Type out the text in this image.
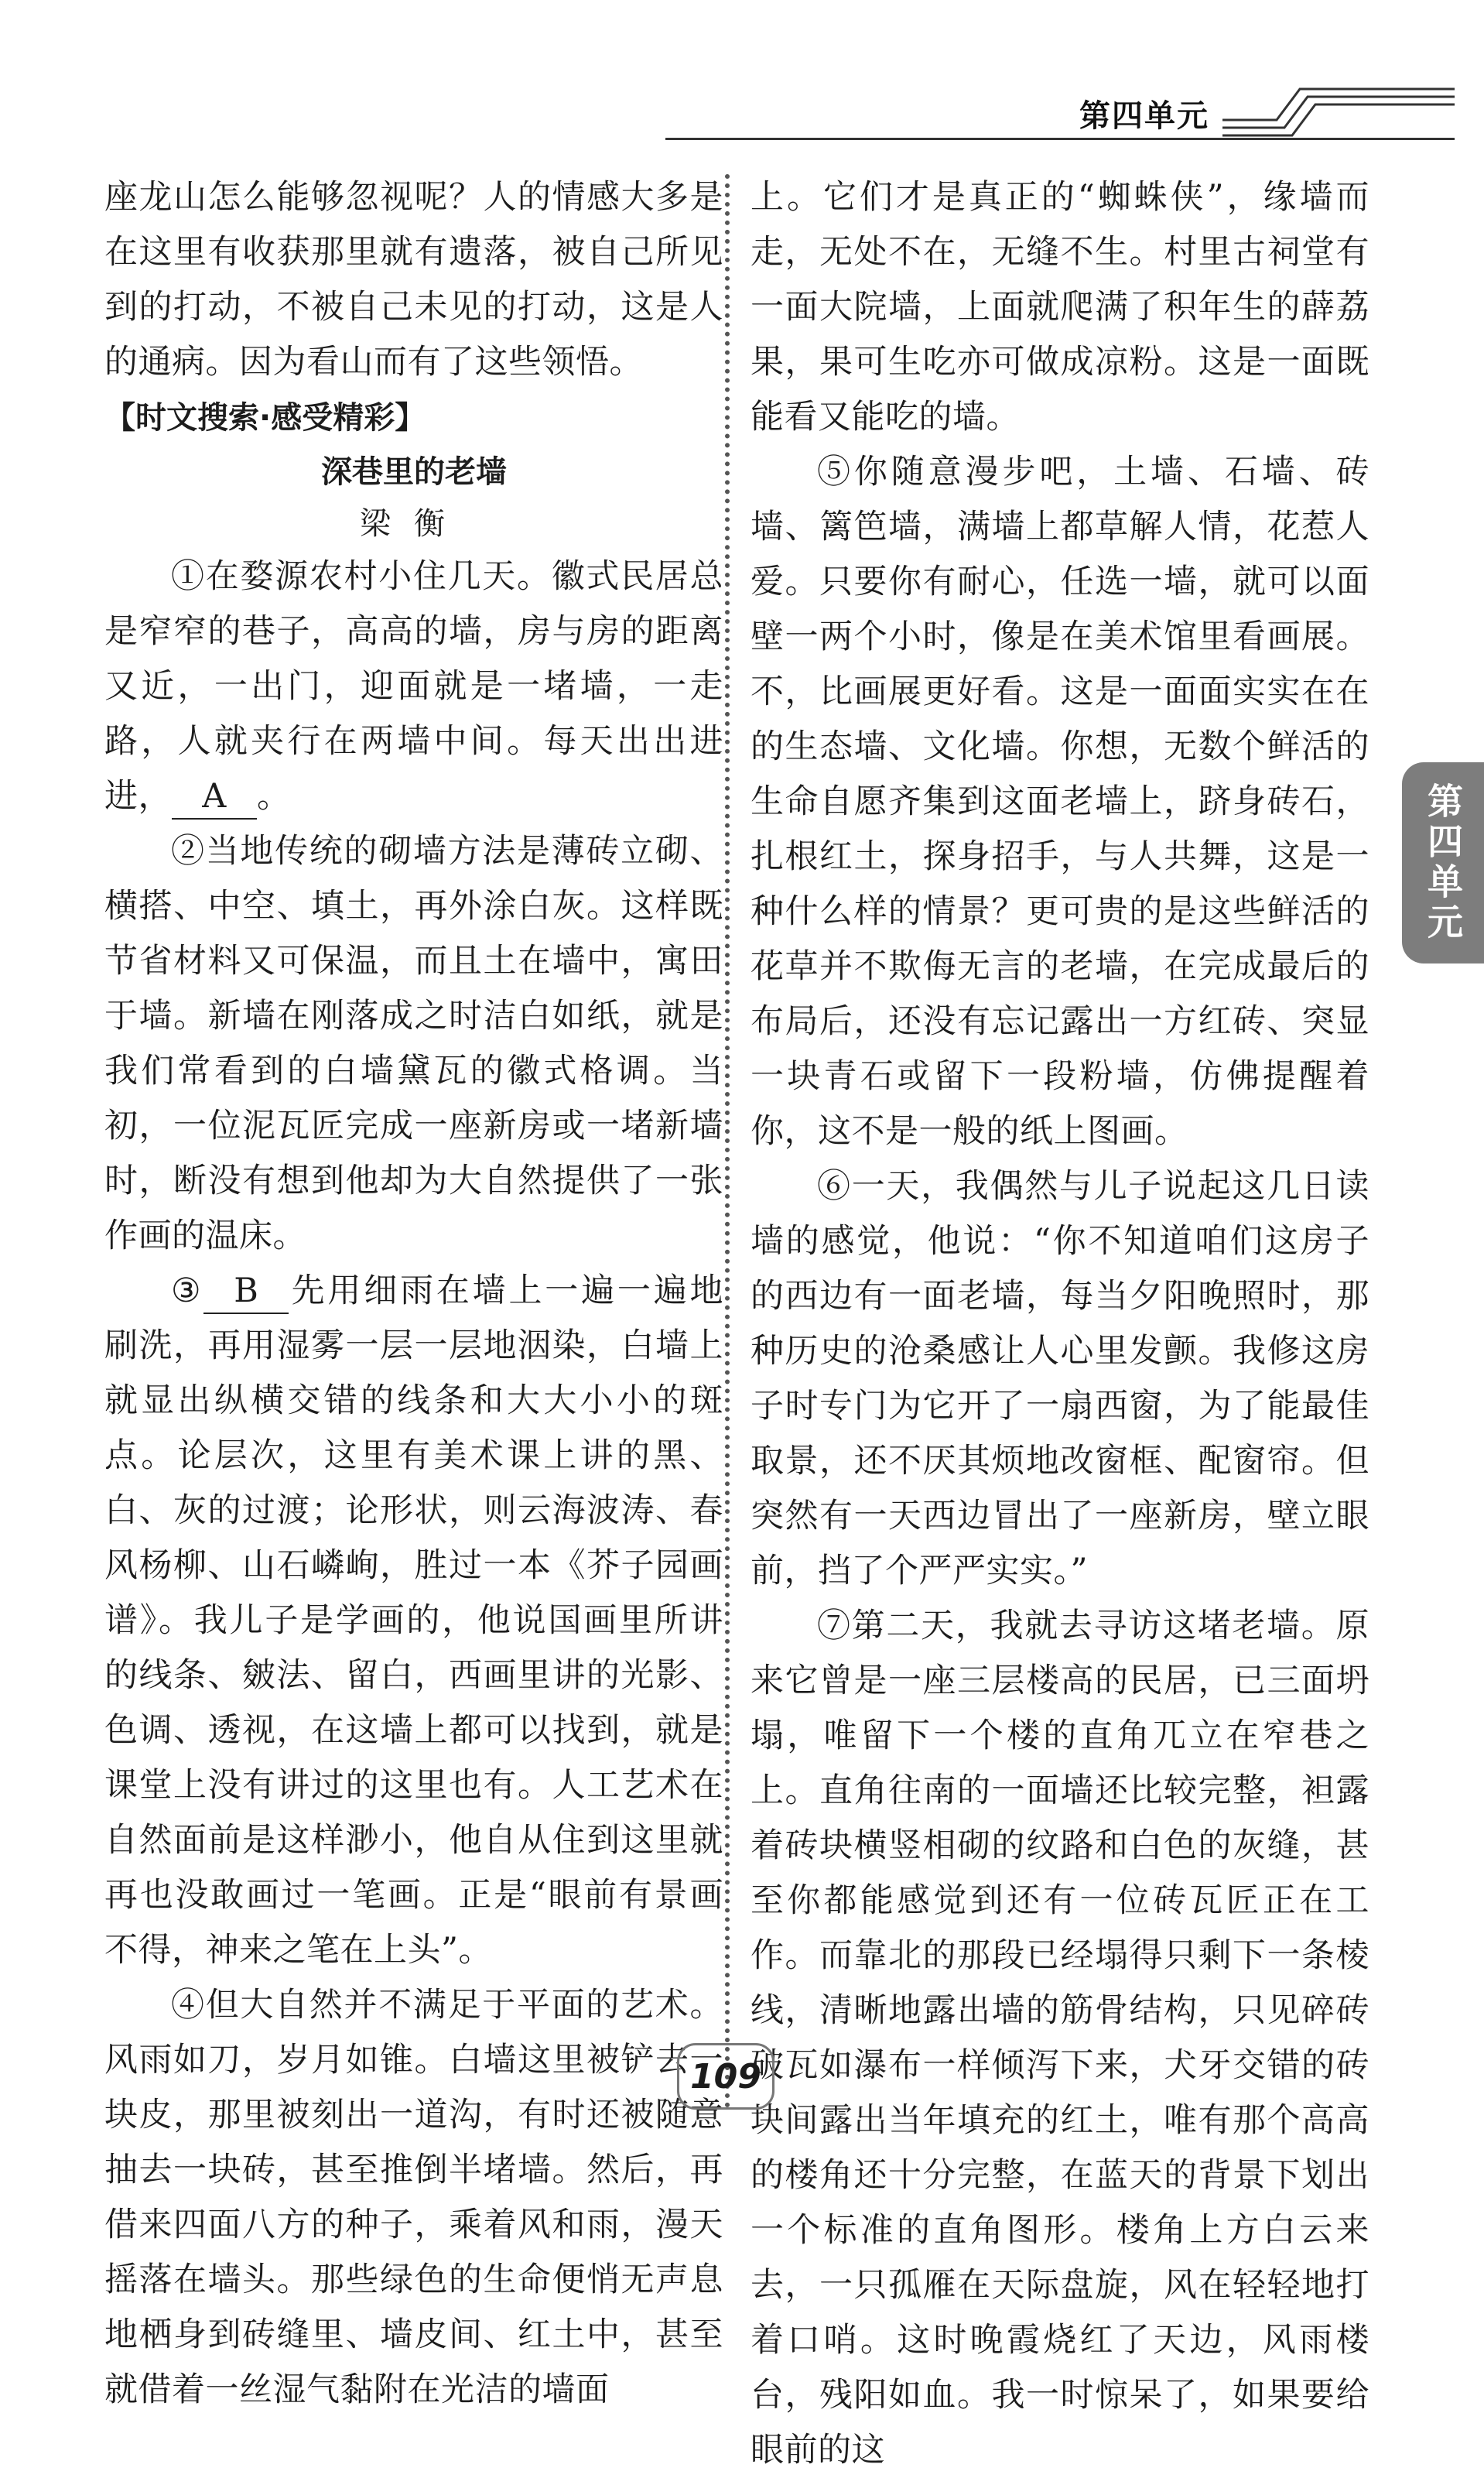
第四单元
第四单元

座龙山怎么能够忽视呢？人的情感大多是在这里有收获那里就有遗落，被自己所见到的打动，不被自己未见的打动，这是人的通病。因为看山而有了这些领悟。

【时文搜索·感受精彩】
深巷里的老墙
梁衡

①在婺源农村小住几天。徽式民居总是窄窄的巷子，高高的墙，房与房的距离又近，一出门，迎面就是一堵墙，一走路，人就夹行在两墙中间。每天出出进进， A 。

②当地传统的砌墙方法是薄砖立砌、横搭、中空、填土，再外涂白灰。这样既节省材料又可保温，而且土在墙中，寓田于墙。新墙在刚落成之时洁白如纸，就是我们常看到的白墙黛瓦的徽式格调。当初，一位泥瓦匠完成一座新房或一堵新墙时，断没有想到他却为大自然提供了一张作画的温床。

③ B 先用细雨在墙上一遍一遍地刷洗，再用湿雾一层一层地洇染，白墙上就显出纵横交错的线条和大大小小的斑点。论层次，这里有美术课上讲的黑、白、灰的过渡；论形状，则云海波涛、春风杨柳、山石嶙峋，胜过一本《芥子园画谱》。我儿子是学画的，他说国画里所讲的线条、皴法、留白，西画里讲的光影、色调、透视，在这墙上都可以找到，就是课堂上没有讲过的这里也有。人工艺术在自然面前是这样渺小，他自从住到这里就再也没敢画过一笔画。正是“眼前有景画不得，神来之笔在上头”。

④但大自然并不满足于平面的艺术。风雨如刀，岁月如锥。白墙这里被铲去一块皮，那里被刻出一道沟，有时还被随意抽去一块砖，甚至推倒半堵墙。然后，再借来四面八方的种子，乘着风和雨，漫天摇落在墙头。那些绿色的生命便悄无声息地栖身到砖缝里、墙皮间、红土中，甚至就借着一丝湿气黏附在光洁的墙面

上。它们才是真正的“蜘蛛侠”，缘墙而走，无处不在，无缝不生。村里古祠堂有一面大院墙，上面就爬满了积年生的薜荔果，果可生吃亦可做成凉粉。这是一面既能看又能吃的墙。

⑤你随意漫步吧，土墙、石墙、砖墙、篱笆墙，满墙上都草解人情，花惹人爱。只要你有耐心，任选一墙，就可以面壁一两个小时，像是在美术馆里看画展。不，比画展更好看。这是一面面实实在在的生态墙、文化墙。你想，无数个鲜活的生命自愿齐集到这面老墙上，跻身砖石，扎根红土，探身招手，与人共舞，这是一种什么样的情景？更可贵的是这些鲜活的花草并不欺侮无言的老墙，在完成最后的布局后，还没有忘记露出一方红砖、突显一块青石或留下一段粉墙，仿佛提醒着你，这不是一般的纸上图画。

⑥一天，我偶然与儿子说起这几日读墙的感觉，他说：“你不知道咱们这房子的西边有一面老墙，每当夕阳晚照时，那种历史的沧桑感让人心里发颤。我修这房子时专门为它开了一扇西窗，为了能最佳取景，还不厌其烦地改窗框、配窗帘。但突然有一天西边冒出了一座新房，壁立眼前，挡了个严严实实。”

⑦第二天，我就去寻访这堵老墙。原来它曾是一座三层楼高的民居，已三面坍塌，唯留下一个楼的直角兀立在窄巷之上。直角往南的一面墙还比较完整，袒露着砖块横竖相砌的纹路和白色的灰缝，甚至你都能感觉到还有一位砖瓦匠正在工作。而靠北的那段已经塌得只剩下一条棱线，清晰地露出墙的筋骨结构，只见碎砖破瓦如瀑布一样倾泻下来，犬牙交错的砖块间露出当年填充的红土，唯有那个高高的楼角还十分完整，在蓝天的背景下划出一个标准的直角图形。楼角上方白云来去，一只孤雁在天际盘旋，风在轻轻地打着口哨。这时晚霞烧红了天边，风雨楼台，残阳如血。我一时惊呆了，如果要给眼前的这

109
